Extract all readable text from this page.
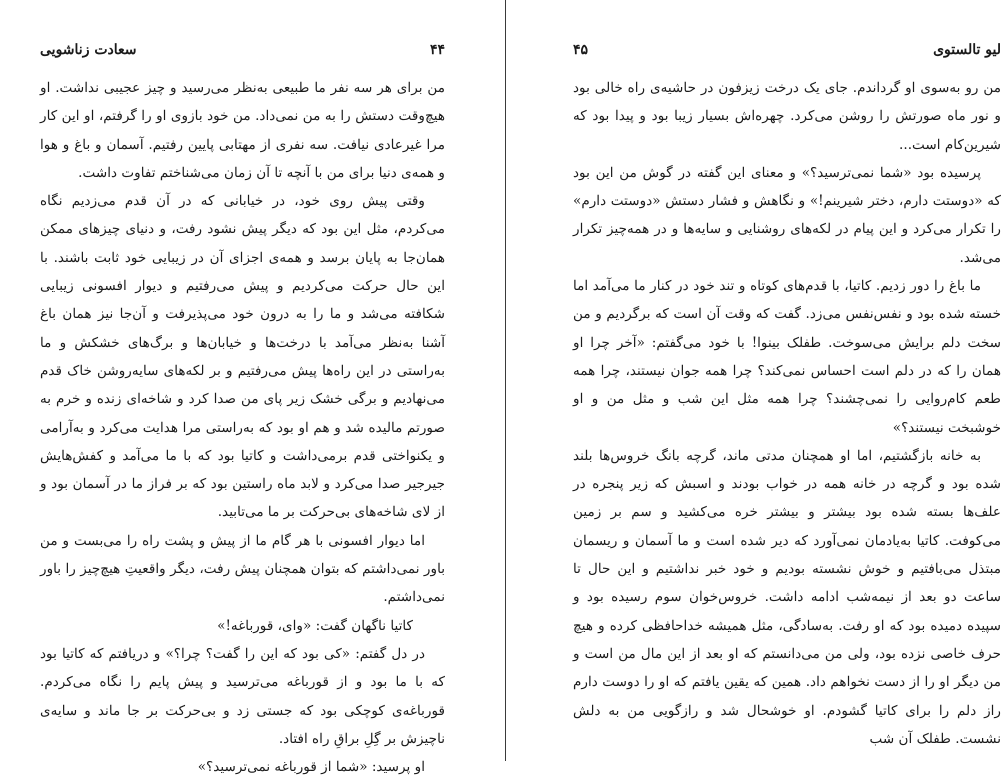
۴۴
سعادت زناشویی

من برای هر سه نفر ما طبیعی به‌نظر می‌رسید و چیز عجیبی نداشت. او هیچ‌وقت دستش را به من نمی‌داد. من خود بازوی او را گرفتم، او این کار مرا غیرعادی نیافت. سه نفری از مهتابی پایین رفتیم. آسمان و باغ و هوا و همه‌ی دنیا برای من با آنچه تا آن زمان می‌شناختم تفاوت داشت.

وقتی پیش روی خود، در خیابانی که در آن قدم می‌زدیم نگاه می‌کردم، مثل این بود که دیگر پیش نشود رفت، و دنیای چیزهای ممکن همان‌جا به پایان برسد و همه‌ی اجزای آن در زیبایی خود ثابت باشند. با این حال حرکت می‌کردیم و پیش می‌رفتیم و دیوار افسونی زیبایی شکافته می‌شد و ما را به درون خود می‌پذیرفت و آن‌جا نیز همان باغ آشنا به‌نظر می‌آمد با درخت‌ها و خیابان‌ها و برگ‌های خشکش و ما به‌راستی در این راه‌ها پیش می‌رفتیم و بر لکه‌های سایه‌روشن خاک قدم می‌نهادیم و برگی خشک زیر پای من صدا کرد و شاخه‌ای زنده و خرم به صورتم مالیده شد و هم او بود که به‌راستی مرا هدایت می‌کرد و به‌آرامی و یکنواختی قدم برمی‌داشت و کاتیا بود که با ما می‌آمد و کفش‌هایش جیرجیر صدا می‌کرد و لابد ماه راستین بود که بر فراز ما در آسمان بود و از لای شاخه‌های بی‌حرکت بر ما می‌تابید.

اما دیوار افسونی با هر گام ما از پیش و پشت راه را می‌بست و من باور نمی‌داشتم که بتوان همچنان پیش رفت، دیگر واقعیتِ هیچ‌چیز را باور نمی‌داشتم.

کاتیا ناگهان گفت: «وای، قورباغه!»

در دل گفتم: «کی بود که این را گفت؟ چرا؟» و دریافتم که کاتیا بود که با ما بود و از قورباغه می‌ترسید و پیش پایم را نگاه می‌کردم. قورباغه‌ی کوچکی بود که جستی زد و بی‌حرکت بر جا ماند و سایه‌ی ناچیزش بر گِلِ براقِ راه افتاد.

او پرسید: «شما از قورباغه نمی‌ترسید؟»

لیو تالستوی
۴۵

من رو به‌سوی او گرداندم. جای یک درخت زیزفون در حاشیه‌ی راه خالی بود و نور ماه صورتش را روشن می‌کرد. چهره‌اش بسیار زیبا بود و پیدا بود که شیرین‌کام است...

پرسیده بود «شما نمی‌ترسید؟» و معنای این گفته در گوش من این بود که «دوستت دارم، دختر شیرینم!» و نگاهش و فشار دستش «دوستت دارم» را تکرار می‌کرد و این پیام در لکه‌های روشنایی و سایه‌ها و در همه‌چیز تکرار می‌شد.

ما باغ را دور زدیم. کاتیا، با قدم‌های کوتاه و تند خود در کنار ما می‌آمد اما خسته شده بود و نفس‌نفس می‌زد. گفت که وقت آن است که برگردیم و من سخت دلم برایش می‌سوخت. طفلک بینوا! با خود می‌گفتم: «آخر چرا او همان را که در دلم است احساس نمی‌کند؟ چرا همه جوان نیستند، چرا همه طعم کام‌روایی را نمی‌چشند؟ چرا همه مثل این شب و مثل من و او خوشبخت نیستند؟»

به خانه بازگشتیم، اما او همچنان مدتی ماند، گرچه بانگ خروس‌ها بلند شده بود و گرچه در خانه همه در خواب بودند و اسبش که زیر پنجره در علف‌ها بسته شده بود بیشتر و بیشتر خره می‌کشید و سم بر زمین می‌کوفت. کاتیا به‌یادمان نمی‌آورد که دیر شده است و ما آسمان و ریسمان مبتذل می‌بافتیم و خوش نشسته بودیم و خود خبر نداشتیم و این حال تا ساعت دو بعد از نیمه‌شب ادامه داشت. خروس‌خوان سوم رسیده بود و سپیده دمیده بود که او رفت. به‌سادگی، مثل همیشه خداحافظی کرده و هیچ حرف خاصی نزده بود، ولی من می‌دانستم که او بعد از این مال من است و من دیگر او را از دست نخواهم داد. همین که یقین یافتم که او را دوست دارم راز دلم را برای کاتیا گشودم. او خوشحال شد و رازگویی من به دلش نشست. طفلک آن شب
